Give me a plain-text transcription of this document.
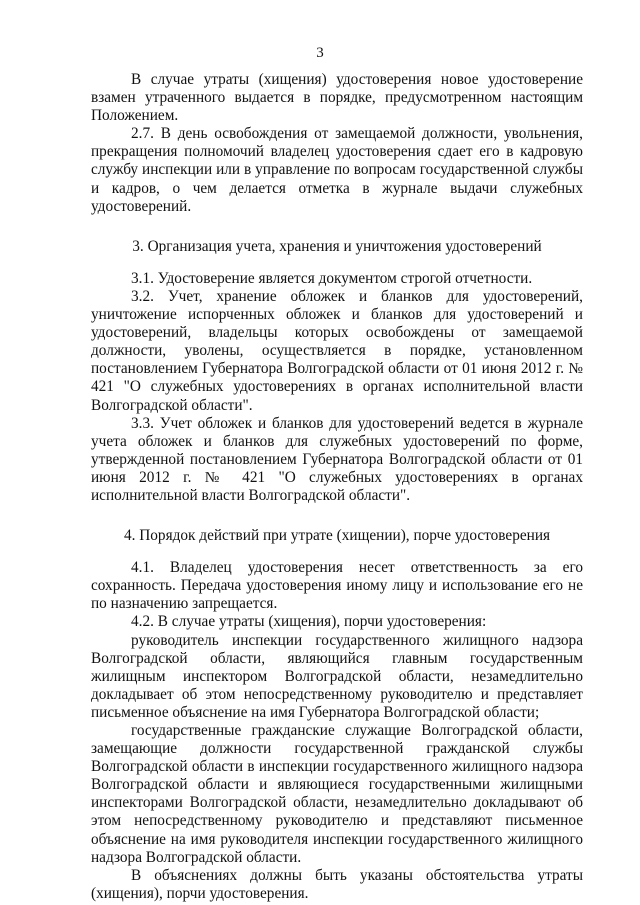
3

В случае утраты (хищения) удостоверения новое удостоверение взамен утраченного выдается в порядке, предусмотренном настоящим Положением.

2.7. В день освобождения от замещаемой должности, увольнения, прекращения полномочий владелец удостоверения сдает его в кадровую службу инспекции или в управление по вопросам государственной службы и кадров, о чем делается отметка в журнале выдачи служебных удостоверений.

3. Организация учета, хранения и уничтожения удостоверений

3.1. Удостоверение является документом строгой отчетности.

3.2. Учет, хранение обложек и бланков для удостоверений, уничтожение испорченных обложек и бланков для удостоверений и удостоверений, владельцы которых освобождены от замещаемой должности, уволены, осуществляется в порядке, установленном постановлением Губернатора Волгоградской области от 01 июня 2012 г. № 421 "О служебных удостоверениях в органах исполнительной власти Волгоградской области".

3.3. Учет обложек и бланков для удостоверений ведется в журнале учета обложек и бланков для служебных удостоверений по форме, утвержденной постановлением Губернатора Волгоградской области от 01 июня 2012 г. № 421 "О служебных удостоверениях в органах исполнительной власти Волгоградской области".

4. Порядок действий при утрате (хищении), порче удостоверения

4.1. Владелец удостоверения несет ответственность за его сохранность. Передача удостоверения иному лицу и использование его не по назначению запрещается.

4.2. В случае утраты (хищения), порчи удостоверения:

руководитель инспекции государственного жилищного надзора Волгоградской области, являющийся главным государственным жилищным инспектором Волгоградской области, незамедлительно докладывает об этом непосредственному руководителю и представляет письменное объяснение на имя Губернатора Волгоградской области;

государственные гражданские служащие Волгоградской области, замещающие должности государственной гражданской службы Волгоградской области в инспекции государственного жилищного надзора Волгоградской области и являющиеся государственными жилищными инспекторами Волгоградской области, незамедлительно докладывают об этом непосредственному руководителю и представляют письменное объяснение на имя руководителя инспекции государственного жилищного надзора Волгоградской области.

В объяснениях должны быть указаны обстоятельства утраты (хищения), порчи удостоверения.
